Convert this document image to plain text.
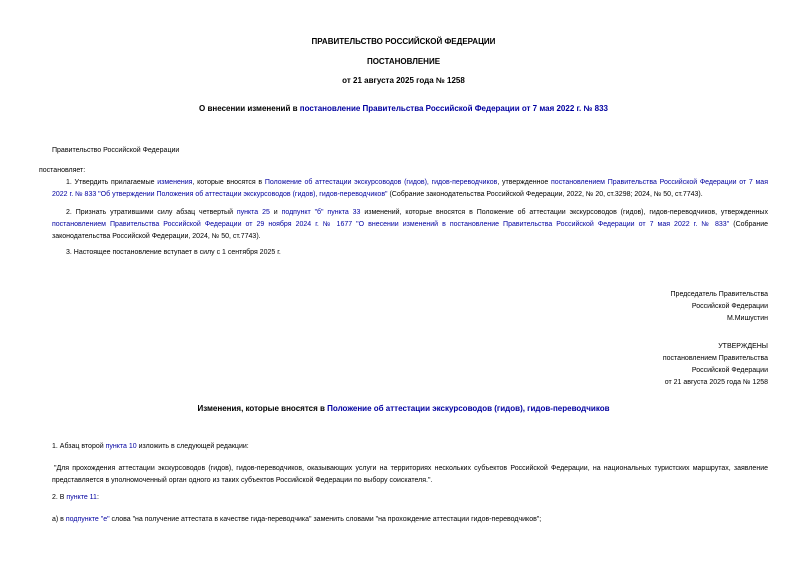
ПРАВИТЕЛЬСТВО РОССИЙСКОЙ ФЕДЕРАЦИИ
ПОСТАНОВЛЕНИЕ
от 21 августа 2025 года № 1258
О внесении изменений в постановление Правительства Российской Федерации от 7 мая 2022 г. № 833
Правительство Российской Федерации
постановляет:
1. Утвердить прилагаемые изменения, которые вносятся в Положение об аттестации экскурсоводов (гидов), гидов-переводчиков, утвержденное постановлением Правительства Российской Федерации от 7 мая 2022 г. № 833 "Об утверждении Положения об аттестации экскурсоводов (гидов), гидов-переводчиков" (Собрание законодательства Российской Федерации, 2022, № 20, ст.3298; 2024, № 50, ст.7743).
2. Признать утратившими силу абзац четвертый пункта 25 и подпункт "б" пункта 33 изменений, которые вносятся в Положение об аттестации экскурсоводов (гидов), гидов-переводчиков, утвержденных постановлением Правительства Российской Федерации от 29 ноября 2024 г. № 1677 "О внесении изменений в постановление Правительства Российской Федерации от 7 мая 2022 г. № 833" (Собрание законодательства Российской Федерации, 2024, № 50, ст.7743).
3. Настоящее постановление вступает в силу с 1 сентября 2025 г.
Председатель Правительства
Российской Федерации
М.Мишустин
УТВЕРЖДЕНЫ
постановлением Правительства
Российской Федерации
от 21 августа 2025 года № 1258
Изменения, которые вносятся в Положение об аттестации экскурсоводов (гидов), гидов-переводчиков
1. Абзац второй пункта 10 изложить в следующей редакции:
"Для прохождения аттестации экскурсоводов (гидов), гидов-переводчиков, оказывающих услуги на территориях нескольких субъектов Российской Федерации, на национальных туристских маршрутах, заявление представляется в уполномоченный орган одного из таких субъектов Российской Федерации по выбору соискателя.".
2. В пункте 11:
а) в подпункте "е" слова "на получение аттестата в качестве гида-переводчика" заменить словами "на прохождение аттестации гидов-переводчиков";
